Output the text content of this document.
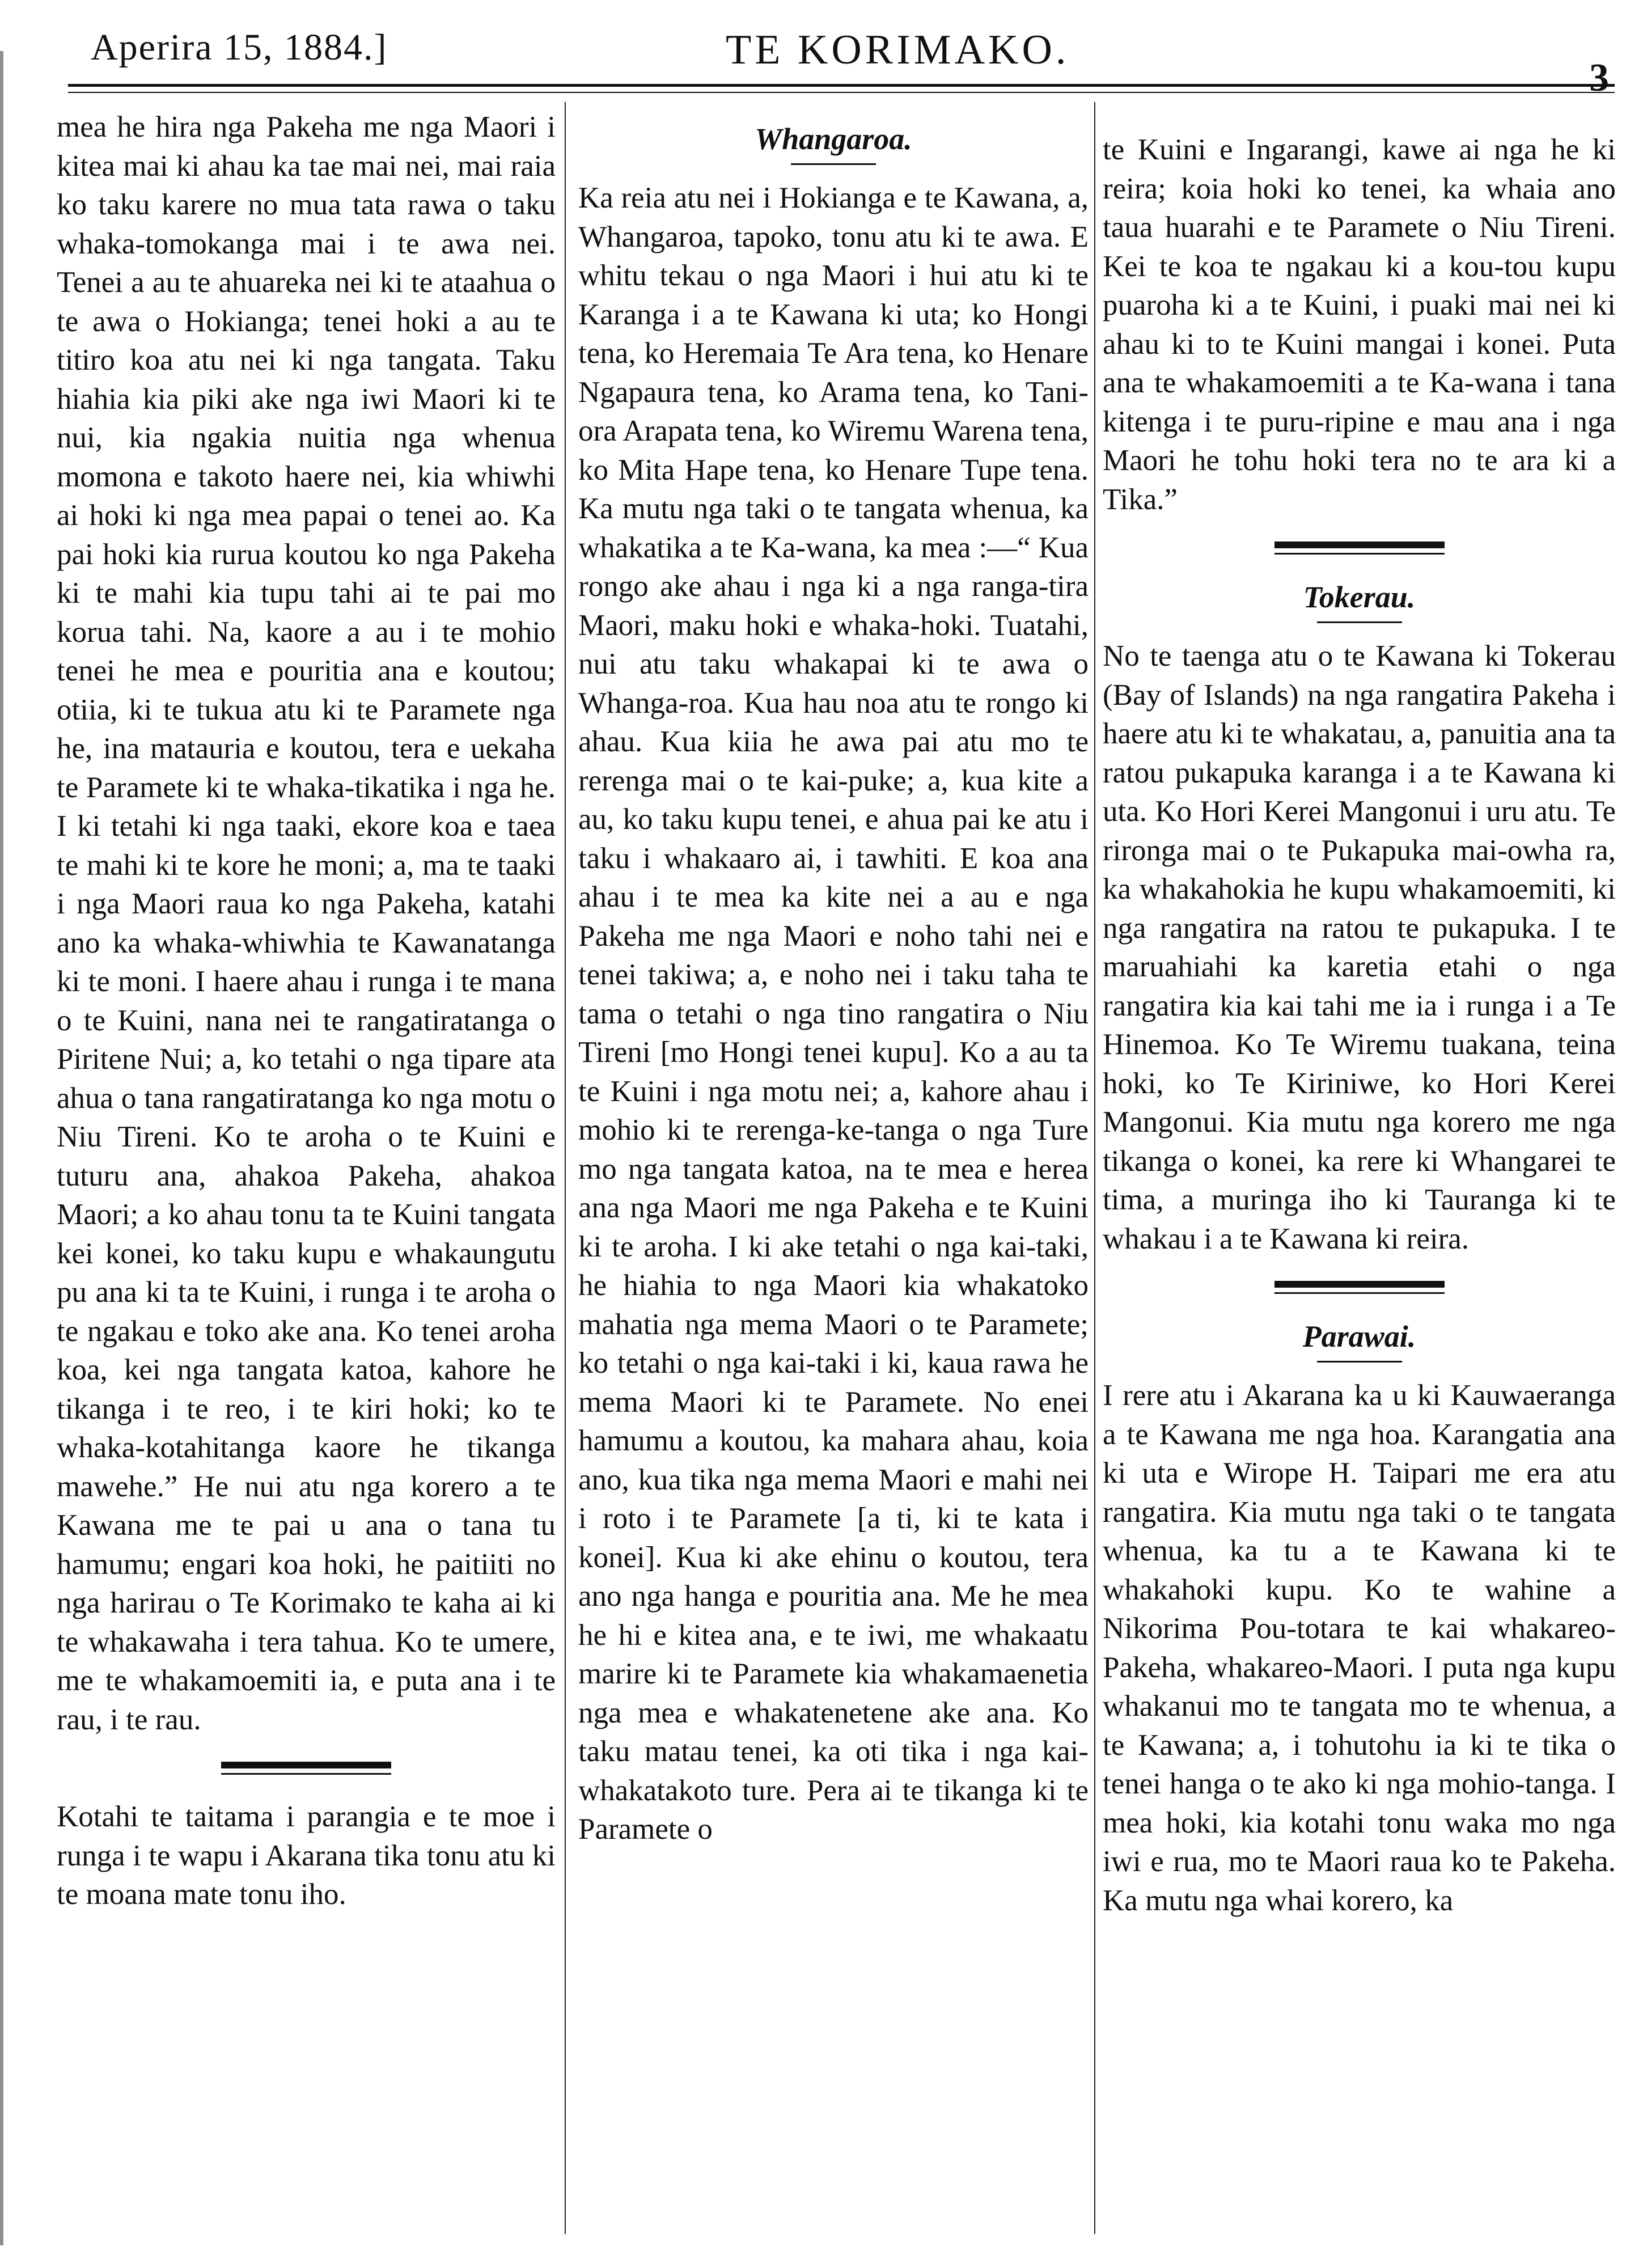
Aperira 15, 1884.]	TE KORIMAKO.
3

mea he hira nga Pakeha me nga Maori i kitea mai ki ahau ka tae mai nei, mai raia ko taku karere no mua tata rawa o taku whaka-tomokanga mai i te awa nei. Tenei a au te ahuareka nei ki te ataahua o te awa o Hokianga; tenei hoki a au te titiro koa atu nei ki nga tangata. Taku hiahia kia piki ake nga iwi Maori ki te nui, kia ngakia nuitia nga whenua momona e takoto haere nei, kia whiwhi ai hoki ki nga mea papai o tenei ao. Ka pai hoki kia rurua koutou ko nga Pakeha ki te mahi kia tupu tahi ai te pai mo korua tahi. Na, kaore a au i te mohio tenei he mea e pouritia ana e koutou; otiia, ki te tukua atu ki te Paramete nga he, ina matauria e koutou, tera e uekaha te Paramete ki te whaka-tikatika i nga he. I ki tetahi ki nga taaki, ekore koa e taea te mahi ki te kore he moni; a, ma te taaki i nga Maori raua ko nga Pakeha, katahi ano ka whaka-whiwhia te Kawanatanga ki te moni. I haere ahau i runga i te mana o te Kuini, nana nei te rangatiratanga o Piritene Nui; a, ko tetahi o nga tipare ata ahua o tana rangatiratanga ko nga motu o Niu Tireni. Ko te aroha o te Kuini e tuturu ana, ahakoa Pakeha, ahakoa Maori; a ko ahau tonu ta te Kuini tangata kei konei, ko taku kupu e whakaungutu pu ana ki ta te Kuini, i runga i te aroha o te ngakau e toko ake ana. Ko tenei aroha koa, kei nga tangata katoa, kahore he tikanga i te reo, i te kiri hoki; ko te whaka-kotahitanga kaore he tikanga mawehe.” He nui atu nga korero a te Kawana me te pai u ana o tana tu hamumu; engari koa hoki, he paitiiti no nga harirau o Te Korimako te kaha ai ki te whakawaha i tera tahua. Ko te umere, me te whakamoemiti ia, e puta ana i te rau, i te rau.

Kotahi te taitama i parangia e te moe i runga i te wapu i Akarana tika tonu atu ki te moana mate tonu iho.

Whangaroa.

Ka reia atu nei i Hokianga e te Kawana, a, Whangaroa, tapoko, tonu atu ki te awa. E whitu tekau o nga Maori i hui atu ki te Karanga i a te Kawana ki uta; ko Hongi tena, ko Heremaia Te Ara tena, ko Henare Ngapaura tena, ko Arama tena, ko Tani-ora Arapata tena, ko Wiremu Warena tena, ko Mita Hape tena, ko Henare Tupe tena. Ka mutu nga taki o te tangata whenua, ka whakatika a te Ka-wana, ka mea :—“ Kua rongo ake ahau i nga ki a nga ranga-tira Maori, maku hoki e whaka-hoki. Tuatahi, nui atu taku whakapai ki te awa o Whanga-roa. Kua hau noa atu te rongo ki ahau. Kua kiia he awa pai atu mo te rerenga mai o te kai-puke; a, kua kite a au, ko taku kupu tenei, e ahua pai ke atu i taku i whakaaro ai, i tawhiti. E koa ana ahau i te mea ka kite nei a au e nga Pakeha me nga Maori e noho tahi nei e tenei takiwa; a, e noho nei i taku taha te tama o tetahi o nga tino rangatira o Niu Tireni [mo Hongi tenei kupu]. Ko a au ta te Kuini i nga motu nei; a, kahore ahau i mohio ki te rerenga-ke-tanga o nga Ture mo nga tangata katoa, na te mea e herea ana nga Maori me nga Pakeha e te Kuini ki te aroha. I ki ake tetahi o nga kai-taki, he hiahia to nga Maori kia whakatoko mahatia nga mema Maori o te Paramete; ko tetahi o nga kai-taki i ki, kaua rawa he mema Maori ki te Paramete. No enei hamumu a koutou, ka mahara ahau, koia ano, kua tika nga mema Maori e mahi nei i roto i te Paramete [a ti, ki te kata i konei]. Kua ki ake ehinu o koutou, tera ano nga hanga e pouritia ana. Me he mea he hi e kitea ana, e te iwi, me whakaatu marire ki te Paramete kia whakamaenetia nga mea e whakatenetene ake ana. Ko taku matau tenei, ka oti tika i nga kai-whakatakoto ture. Pera ai te tikanga ki te Paramete o

te Kuini e Ingarangi, kawe ai nga he ki reira; koia hoki ko tenei, ka whaia ano taua huarahi e te Paramete o Niu Tireni. Kei te koa te ngakau ki a kou-tou kupu puaroha ki a te Kuini, i puaki mai nei ki ahau ki to te Kuini mangai i konei. Puta ana te whakamoemiti a te Ka-wana i tana kitenga i te puru-ripine e mau ana i nga Maori he tohu hoki tera no te ara ki a Tika.”

Tokerau.

No te taenga atu o te Kawana ki Tokerau (Bay of Islands) na nga rangatira Pakeha i haere atu ki te whakatau, a, panuitia ana ta ratou pukapuka karanga i a te Kawana ki uta. Ko Hori Kerei Mangonui i uru atu. Te rironga mai o te Pukapuka mai-owha ra, ka whakahokia he kupu whakamoemiti, ki nga rangatira na ratou te pukapuka. I te maruahiahi ka karetia etahi o nga rangatira kia kai tahi me ia i runga i a Te Hinemoa. Ko Te Wiremu tuakana, teina hoki, ko Te Kiriniwe, ko Hori Kerei Mangonui. Kia mutu nga korero me nga tikanga o konei, ka rere ki Whangarei te tima, a muringa iho ki Tauranga ki te whakau i a te Kawana ki reira.

Parawai.

I rere atu i Akarana ka u ki Kauwaeranga a te Kawana me nga hoa. Karangatia ana ki uta e Wirope H. Taipari me era atu rangatira. Kia mutu nga taki o te tangata whenua, ka tu a te Kawana ki te whakahoki kupu. Ko te wahine a Nikorima Pou-totara te kai whakareo-Pakeha, whakareo-Maori. I puta nga kupu whakanui mo te tangata mo te whenua, a te Kawana; a, i tohutohu ia ki te tika o tenei hanga o te ako ki nga mohio-tanga. I mea hoki, kia kotahi tonu waka mo nga iwi e rua, mo te Maori raua ko te Pakeha. Ka mutu nga whai korero, ka
